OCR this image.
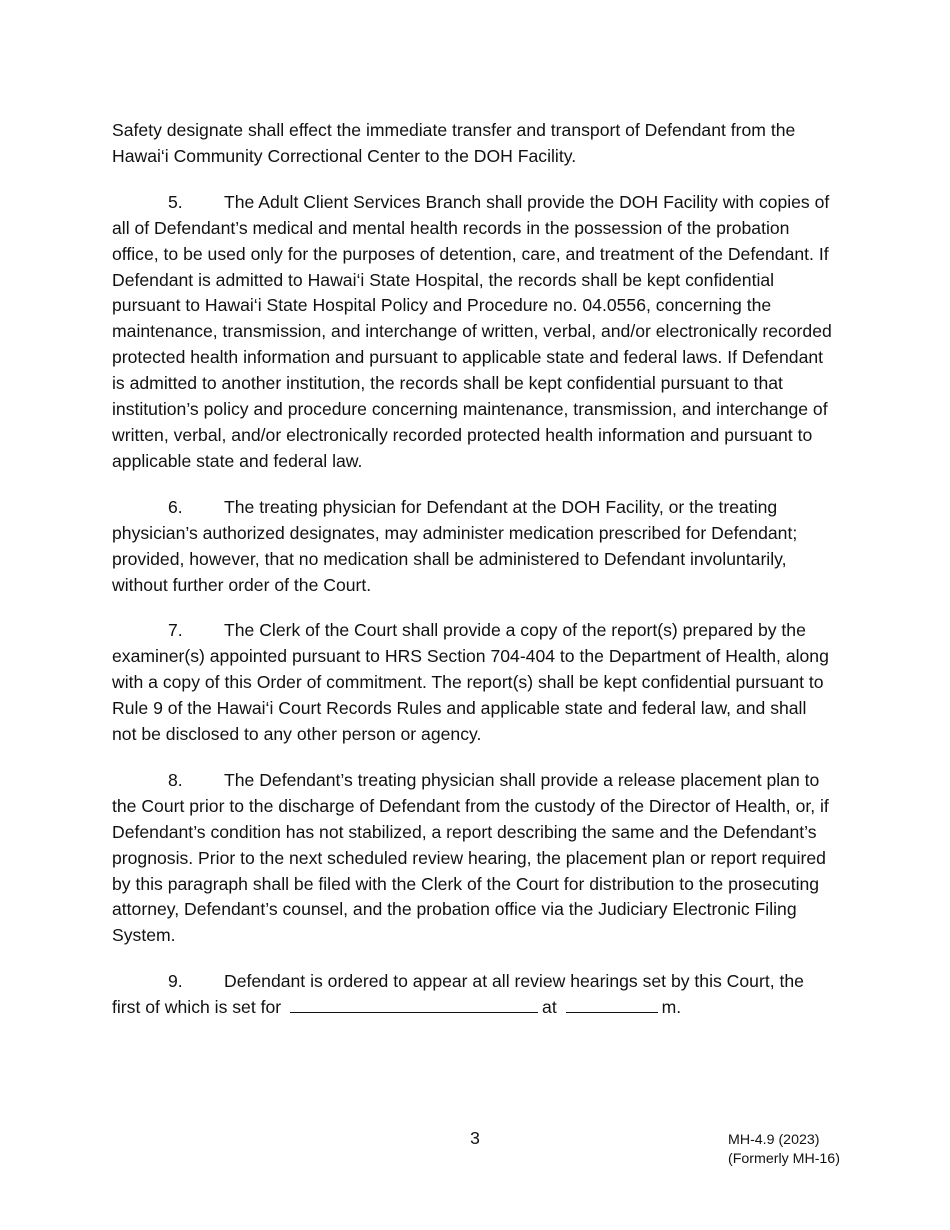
Safety designate shall effect the immediate transfer and transport of Defendant from the Hawai‘i Community Correctional Center to the DOH Facility.

5. The Adult Client Services Branch shall provide the DOH Facility with copies of all of Defendant’s medical and mental health records in the possession of the probation office, to be used only for the purposes of detention, care, and treatment of the Defendant. If Defendant is admitted to Hawai‘i State Hospital, the records shall be kept confidential pursuant to Hawai‘i State Hospital Policy and Procedure no. 04.0556, concerning the maintenance, transmission, and interchange of written, verbal, and/or electronically recorded protected health information and pursuant to applicable state and federal laws. If Defendant is admitted to another institution, the records shall be kept confidential pursuant to that institution’s policy and procedure concerning maintenance, transmission, and interchange of written, verbal, and/or electronically recorded protected health information and pursuant to applicable state and federal law.

6. The treating physician for Defendant at the DOH Facility, or the treating physician’s authorized designates, may administer medication prescribed for Defendant; provided, however, that no medication shall be administered to Defendant involuntarily, without further order of the Court.

7. The Clerk of the Court shall provide a copy of the report(s) prepared by the examiner(s) appointed pursuant to HRS Section 704-404 to the Department of Health, along with a copy of this Order of commitment. The report(s) shall be kept confidential pursuant to Rule 9 of the Hawai‘i Court Records Rules and applicable state and federal law, and shall not be disclosed to any other person or agency.

8. The Defendant’s treating physician shall provide a release placement plan to the Court prior to the discharge of Defendant from the custody of the Director of Health, or, if Defendant’s condition has not stabilized, a report describing the same and the Defendant’s prognosis. Prior to the next scheduled review hearing, the placement plan or report required by this paragraph shall be filed with the Clerk of the Court for distribution to the prosecuting attorney, Defendant’s counsel, and the probation office via the Judiciary Electronic Filing System.

9. Defendant is ordered to appear at all review hearings set by this Court, the first of which is set for	at	m.

3	MH-4.9 (2023)
(Formerly MH-16)
